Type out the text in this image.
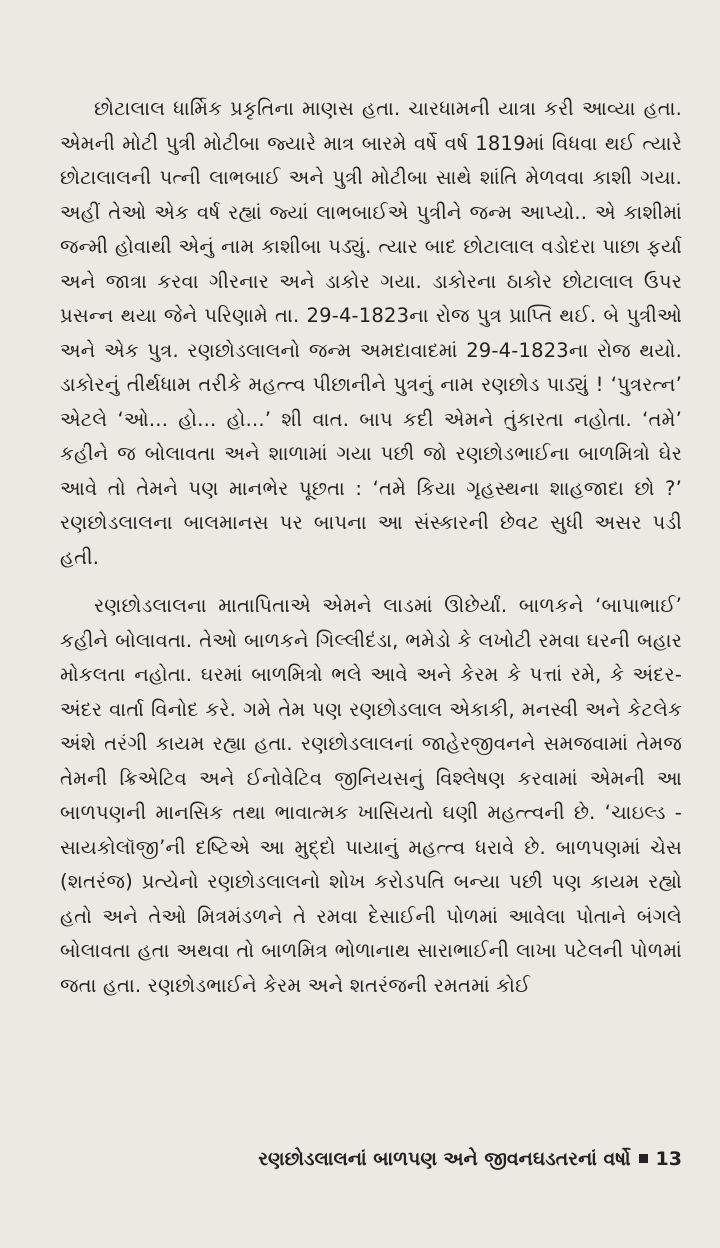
છોટાલાલ ધાર્મિક પ્રકૃતિના માણસ હતા. ચારધામની યાત્રા કરી આવ્યા હતા. એમની મોટી પુત્રી મોટીબા જ્યારે માત્ર બારમે વર્ષે વર્ષ 1819માં વિધવા થઈ ત્યારે છોટાલાલની પત્ની લાભબાઈ અને પુત્રી મોટીબા સાથે શાંતિ મેળવવા કાશી ગયા. અહીં તેઓ એક વર્ષ રહ્યાં જ્યાં લાભબાઈએ પુત્રીને જન્મ આપ્યો.. એ કાશીમાં જન્મી હોવાથી એનું નામ કાશીબા પડ્યું. ત્યાર બાદ છોટાલાલ વડોદરા પાછા ફર્યા અને જાત્રા કરવા ગીરનાર અને ડાકોર ગયા. ડાકોરના ઠાકોર છોટાલાલ ઉપર પ્રસન્ન થયા જેને પરિણામે તા. 29-4-1823ના રોજ પુત્ર પ્રાપ્તિ થઈ. બે પુત્રીઓ અને એક પુત્ર. રણછોડલાલનો જન્મ અમદાવાદમાં 29-4-1823ના રોજ થયો. ડાકોરનું તીર્થધામ તરીકે મહત્ત્વ પીછાનીને પુત્રનું નામ રણછોડ પાડ્યું ! ‘પુત્રરત્ન’ એટલે ‘ઓ... હો... હો...’ શી વાત. બાપ કદી એમને તુંકારતા નહોતા. ‘તમે’ કહીને જ બોલાવતા અને શાળામાં ગયા પછી જો રણછોડભાઈના બાળમિત્રો ઘેર આવે તો તેમને પણ માનભેર પૂછતા : ‘તમે કિયા ગૃહસ્થના શાહજાદા છો ?’ રણછોડલાલના બાલમાનસ પર બાપના આ સંસ્કારની છેવટ સુધી અસર પડી હતી.

રણછોડલાલના માતાપિતાએ એમને લાડમાં ઊછેર્યાં. બાળકને ‘બાપાભાઈ’ કહીને બોલાવતા. તેઓ બાળકને ગિલ્લીદંડા, ભમેડો કે લખોટી રમવા ઘરની બહાર મોકલતા નહોતા. ઘરમાં બાળમિત્રો ભલે આવે અને કેરમ કે પત્તાં રમે, કે અંદર-અંદર વાર્તા વિનોદ કરે. ગમે તેમ પણ રણછોડલાલ એકાકી, મનસ્વી અને કેટલેક અંશે તરંગી કાયમ રહ્યા હતા. રણછોડલાલનાં જાહેરજીવનને સમજવામાં તેમજ તેમની ક્રિએટિવ અને ઈનોવેટિવ જીનિયસનું વિશ્લેષણ કરવામાં એમની આ બાળપણની માનસિક તથા ભાવાત્મક ખાસિયતો ઘણી મહત્ત્વની છે. ‘ચાઇલ્ડ - સાયકોલૉજી’ની દષ્ટિએ આ મુદ્દો પાયાનું મહત્ત્વ ધરાવે છે. બાળપણમાં ચેસ (શતરંજ) પ્રત્યેનો રણછોડલાલનો શોખ કરોડપતિ બન્યા પછી પણ કાયમ રહ્યો હતો અને તેઓ મિત્રમંડળને તે રમવા દેસાઈની પોળમાં આવેલા પોતાને બંગલે બોલાવતા હતા અથવા તો બાળમિત્ર ભોળાનાથ સારાભાઈની લાખા પટેલની પોળમાં જતા હતા. રણછોડભાઈને કેરમ અને શતરંજની રમતમાં કોઈ

રણછોડલાલનાં બાળપણ અને જીવનઘડતરનાં વર્ષો 13
